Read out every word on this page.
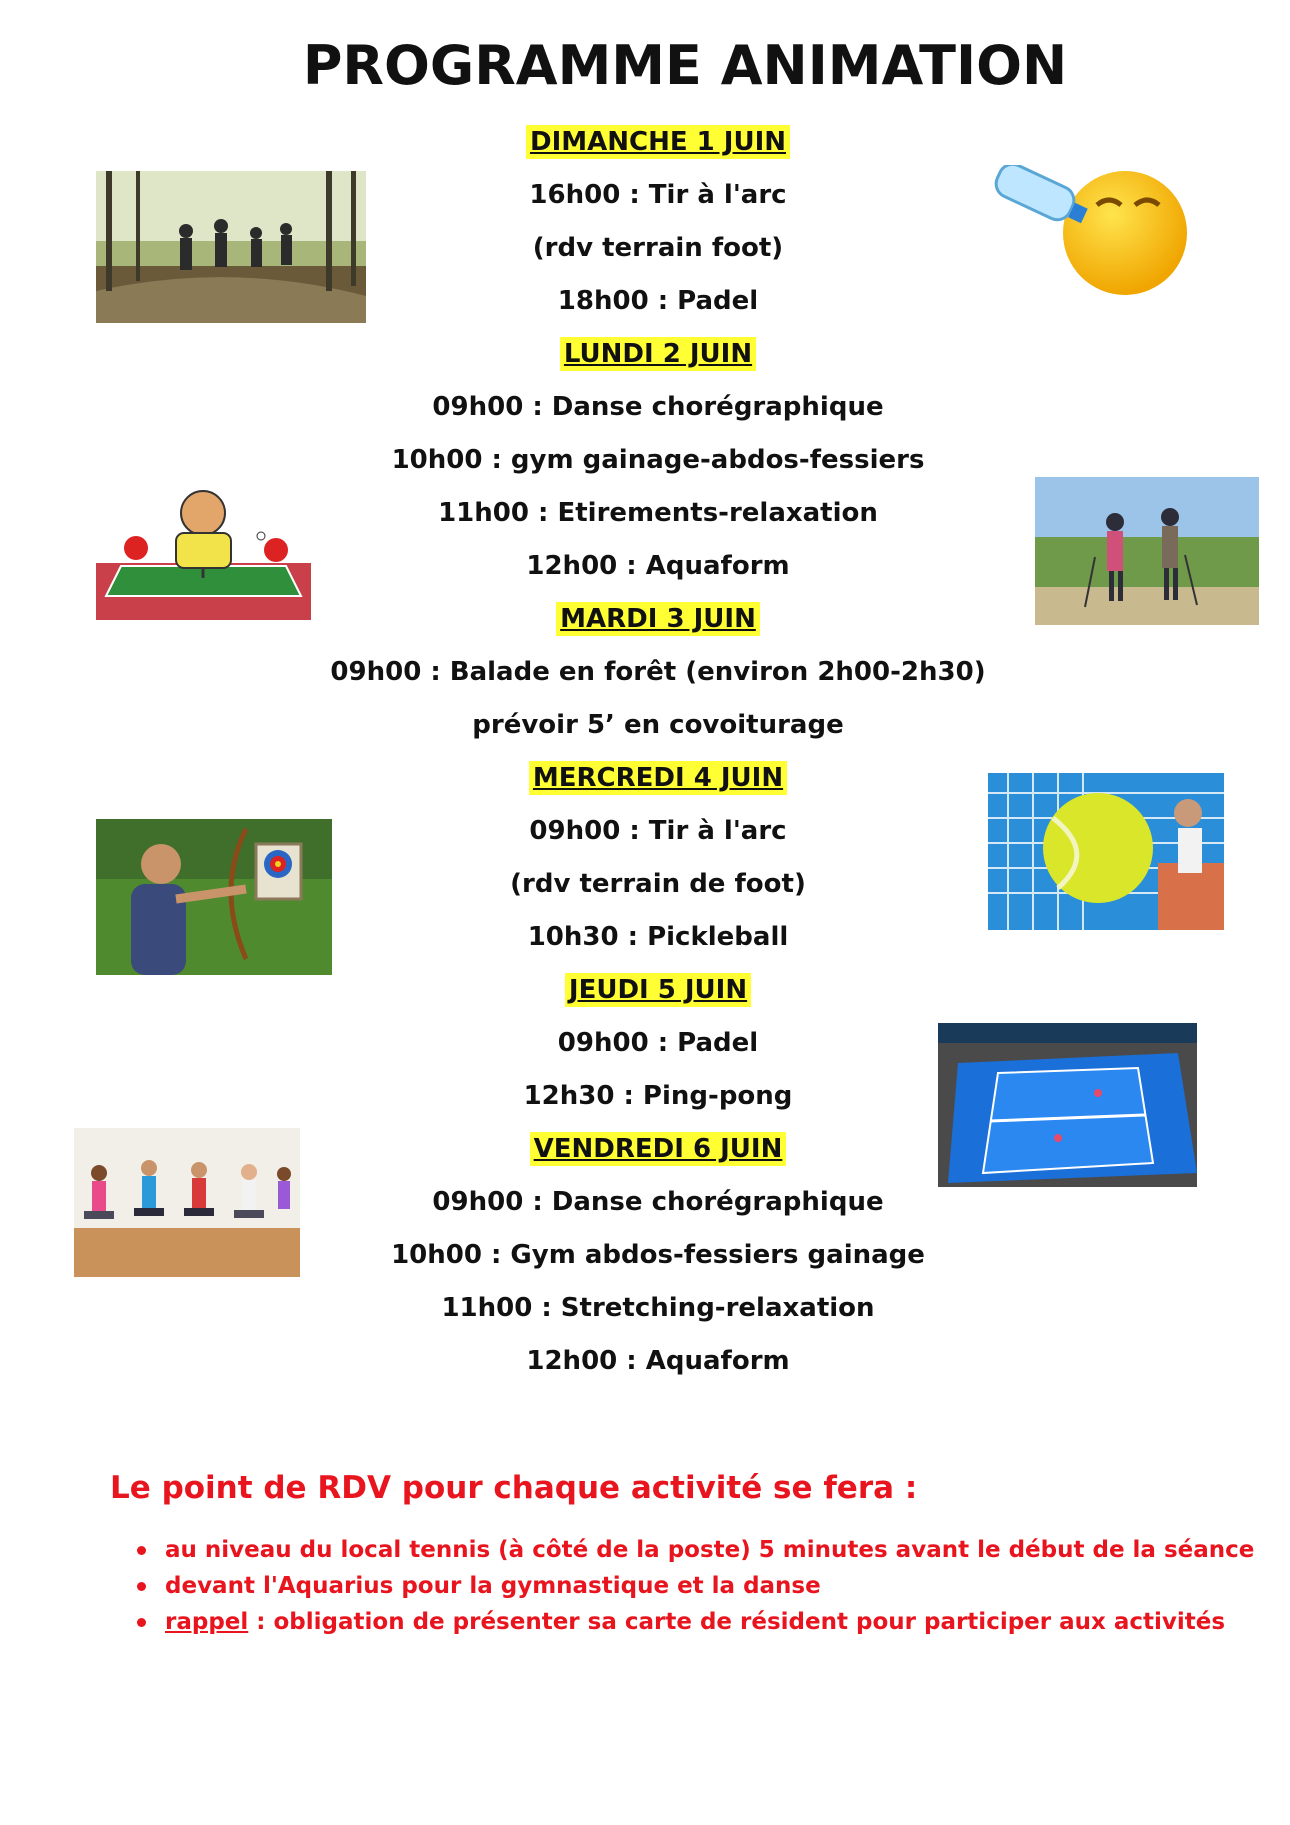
PROGRAMME ANIMATION
DIMANCHE 1 JUIN
16h00 : Tir à l'arc
(rdv terrain foot)
18h00 : Padel
LUNDI 2 JUIN
09h00 : Danse chorégraphique
10h00 : gym gainage-abdos-fessiers
11h00 : Etirements-relaxation
12h00 : Aquaform
MARDI 3 JUIN
09h00 : Balade en forêt (environ 2h00-2h30)
prévoir 5’ en covoiturage
MERCREDI 4 JUIN
09h00 : Tir à l'arc
(rdv terrain de foot)
10h30 : Pickleball
JEUDI 5 JUIN
09h00 : Padel
12h30 : Ping-pong
VENDREDI 6 JUIN
09h00 : Danse chorégraphique
10h00 : Gym abdos-fessiers gainage
11h00 : Stretching-relaxation
12h00 : Aquaform
Le point de RDV pour chaque activité se fera :
au niveau du local tennis (à côté de la poste) 5 minutes avant le début de la séance
devant l'Aquarius pour la gymnastique et la danse
rappel : obligation de présenter sa carte de résident pour participer aux activités
